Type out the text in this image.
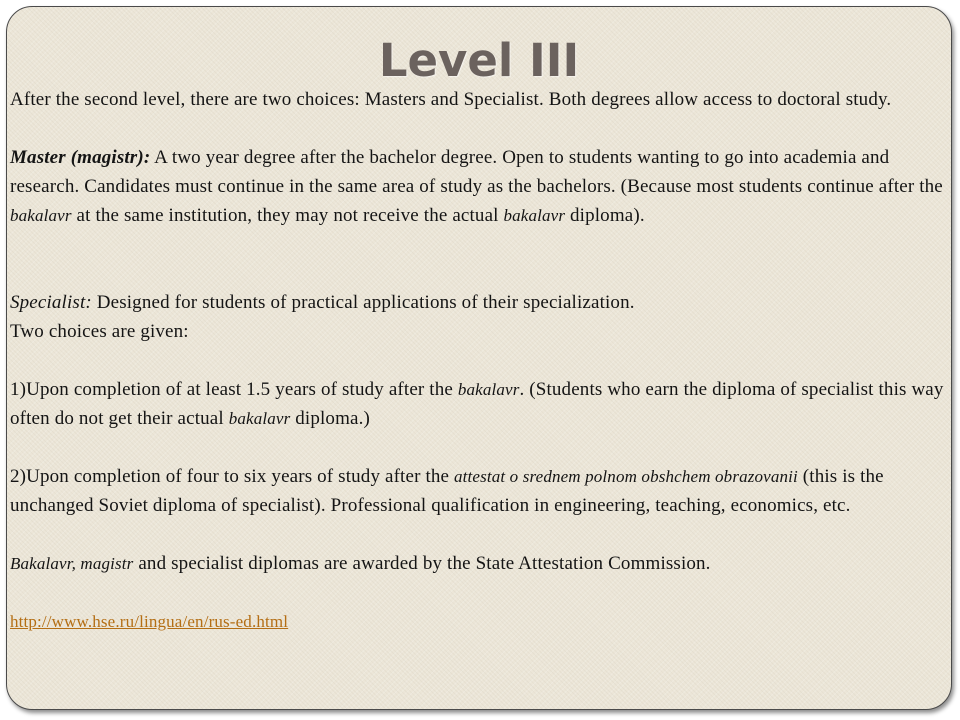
Level III

After the second level, there are two choices: Masters and Specialist. Both degrees allow access to doctoral study.

Master (magistr): A two year degree after the bachelor degree. Open to students wanting to go into academia and research. Candidates must continue in the same area of study as the bachelors. (Because most students continue after the bakalavr at the same institution, they may not receive the actual bakalavr diploma).

Specialist: Designed for students of practical applications of their specialization.

Two choices are given:

1)Upon completion of at least 1.5 years of study after the bakalavr. (Students who earn the diploma of specialist this way often do not get their actual bakalavr diploma.)

2)Upon completion of four to six years of study after the attestat o srednem polnom obshchem obrazovanii (this is the unchanged Soviet diploma of specialist). Professional qualification in engineering, teaching, economics, etc.

Bakalavr, magistr and specialist diplomas are awarded by the State Attestation Commission.

http://www.hse.ru/lingua/en/rus-ed.html
